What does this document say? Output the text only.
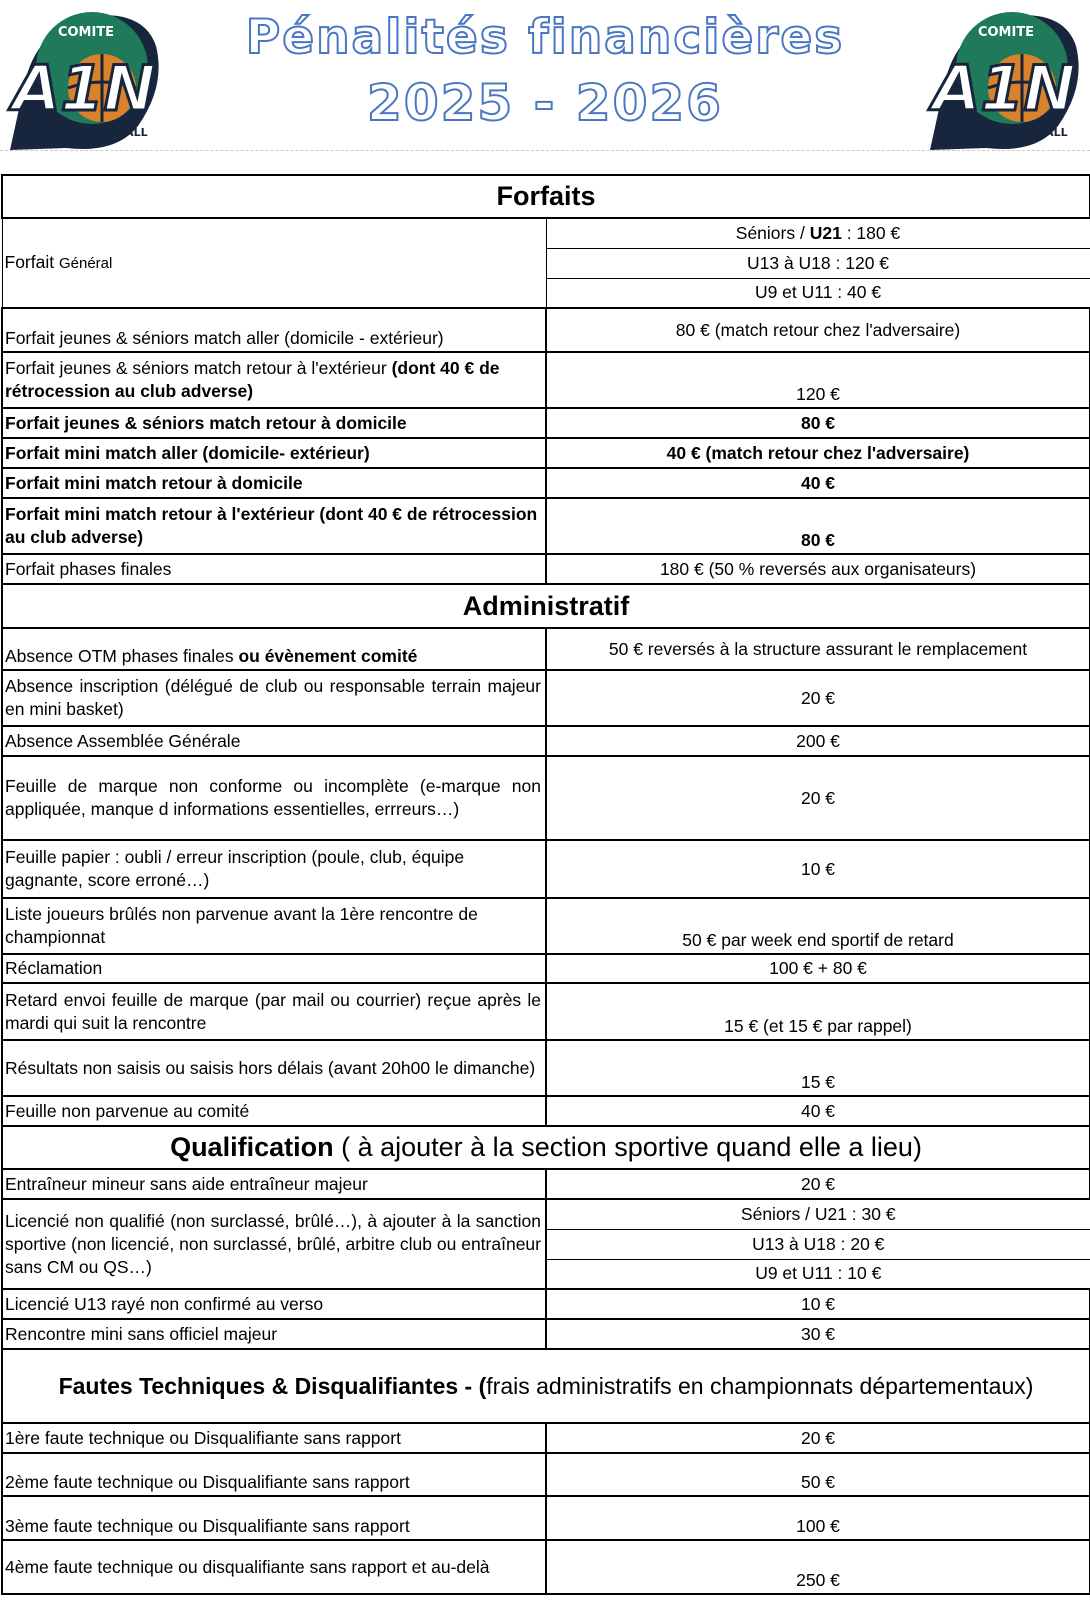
COMITE
A1N
BASKETBALL
Pénalités financières
2025 - 2026
COMITE
A1N
BASKETBALL
Forfaits	
Forfait Général	Séniors / U21 : 180 €
	U13 à U18 : 120 €
	U9 et U11 : 40 €
Forfait jeunes & séniors match aller (domicile - extérieur)	80 € (match retour chez l'adversaire)
Forfait jeunes & séniors match retour à l'extérieur (dont 40 € de rétrocession au club adverse)	120 €
Forfait jeunes & séniors match retour à domicile	80 €
Forfait mini match aller (domicile- extérieur)	40 € (match retour chez l'adversaire)
Forfait mini match retour à domicile	40 €
Forfait mini match retour à l'extérieur (dont 40 € de rétrocession au club adverse)	80 €
Forfait phases finales	180 € (50 % reversés aux organisateurs)
Administratif	
Absence OTM phases finales ou évènement comité	50 € reversés à la structure assurant le remplacement
Absence inscription (délégué de club ou responsable terrain majeur en mini basket)	20 €
Absence Assemblée Générale	200 €
Feuille de marque non conforme ou incomplète (e-marque non appliquée, manque d informations essentielles, errreurs…)	20 €
Feuille papier : oubli / erreur inscription (poule, club, équipe gagnante, score erroné…)	10 €
Liste joueurs brûlés non parvenue avant la 1ère rencontre de championnat	50 € par week end sportif de retard
Réclamation	100 € + 80 €
Retard envoi feuille de marque (par mail ou courrier) reçue après le mardi qui suit la rencontre	15 € (et 15 € par rappel)
Résultats non saisis ou saisis hors délais (avant 20h00 le dimanche)	15 €
Feuille non parvenue au comité	40 €
Qualification ( à ajouter à la section sportive quand elle a lieu)	
Entraîneur mineur sans aide entraîneur majeur	20 €
Licencié non qualifié (non surclassé, brûlé…), à ajouter à la sanction sportive (non licencié, non surclassé, brûlé, arbitre club ou entraîneur sans CM ou QS…)	Séniors / U21 : 30 €
	U13 à U18 : 20 €
	U9 et U11 : 10 €
Licencié U13 rayé non confirmé au verso	10 €
Rencontre mini sans officiel majeur	30 €
Fautes Techniques & Disqualifiantes - (frais administratifs en championnats départementaux)	
1ère faute technique ou Disqualifiante sans rapport	20 €
2ème faute technique ou Disqualifiante sans rapport	50 €
3ème faute technique ou Disqualifiante sans rapport	100 €
4ème faute technique ou disqualifiante sans rapport et au-delà	250 €
